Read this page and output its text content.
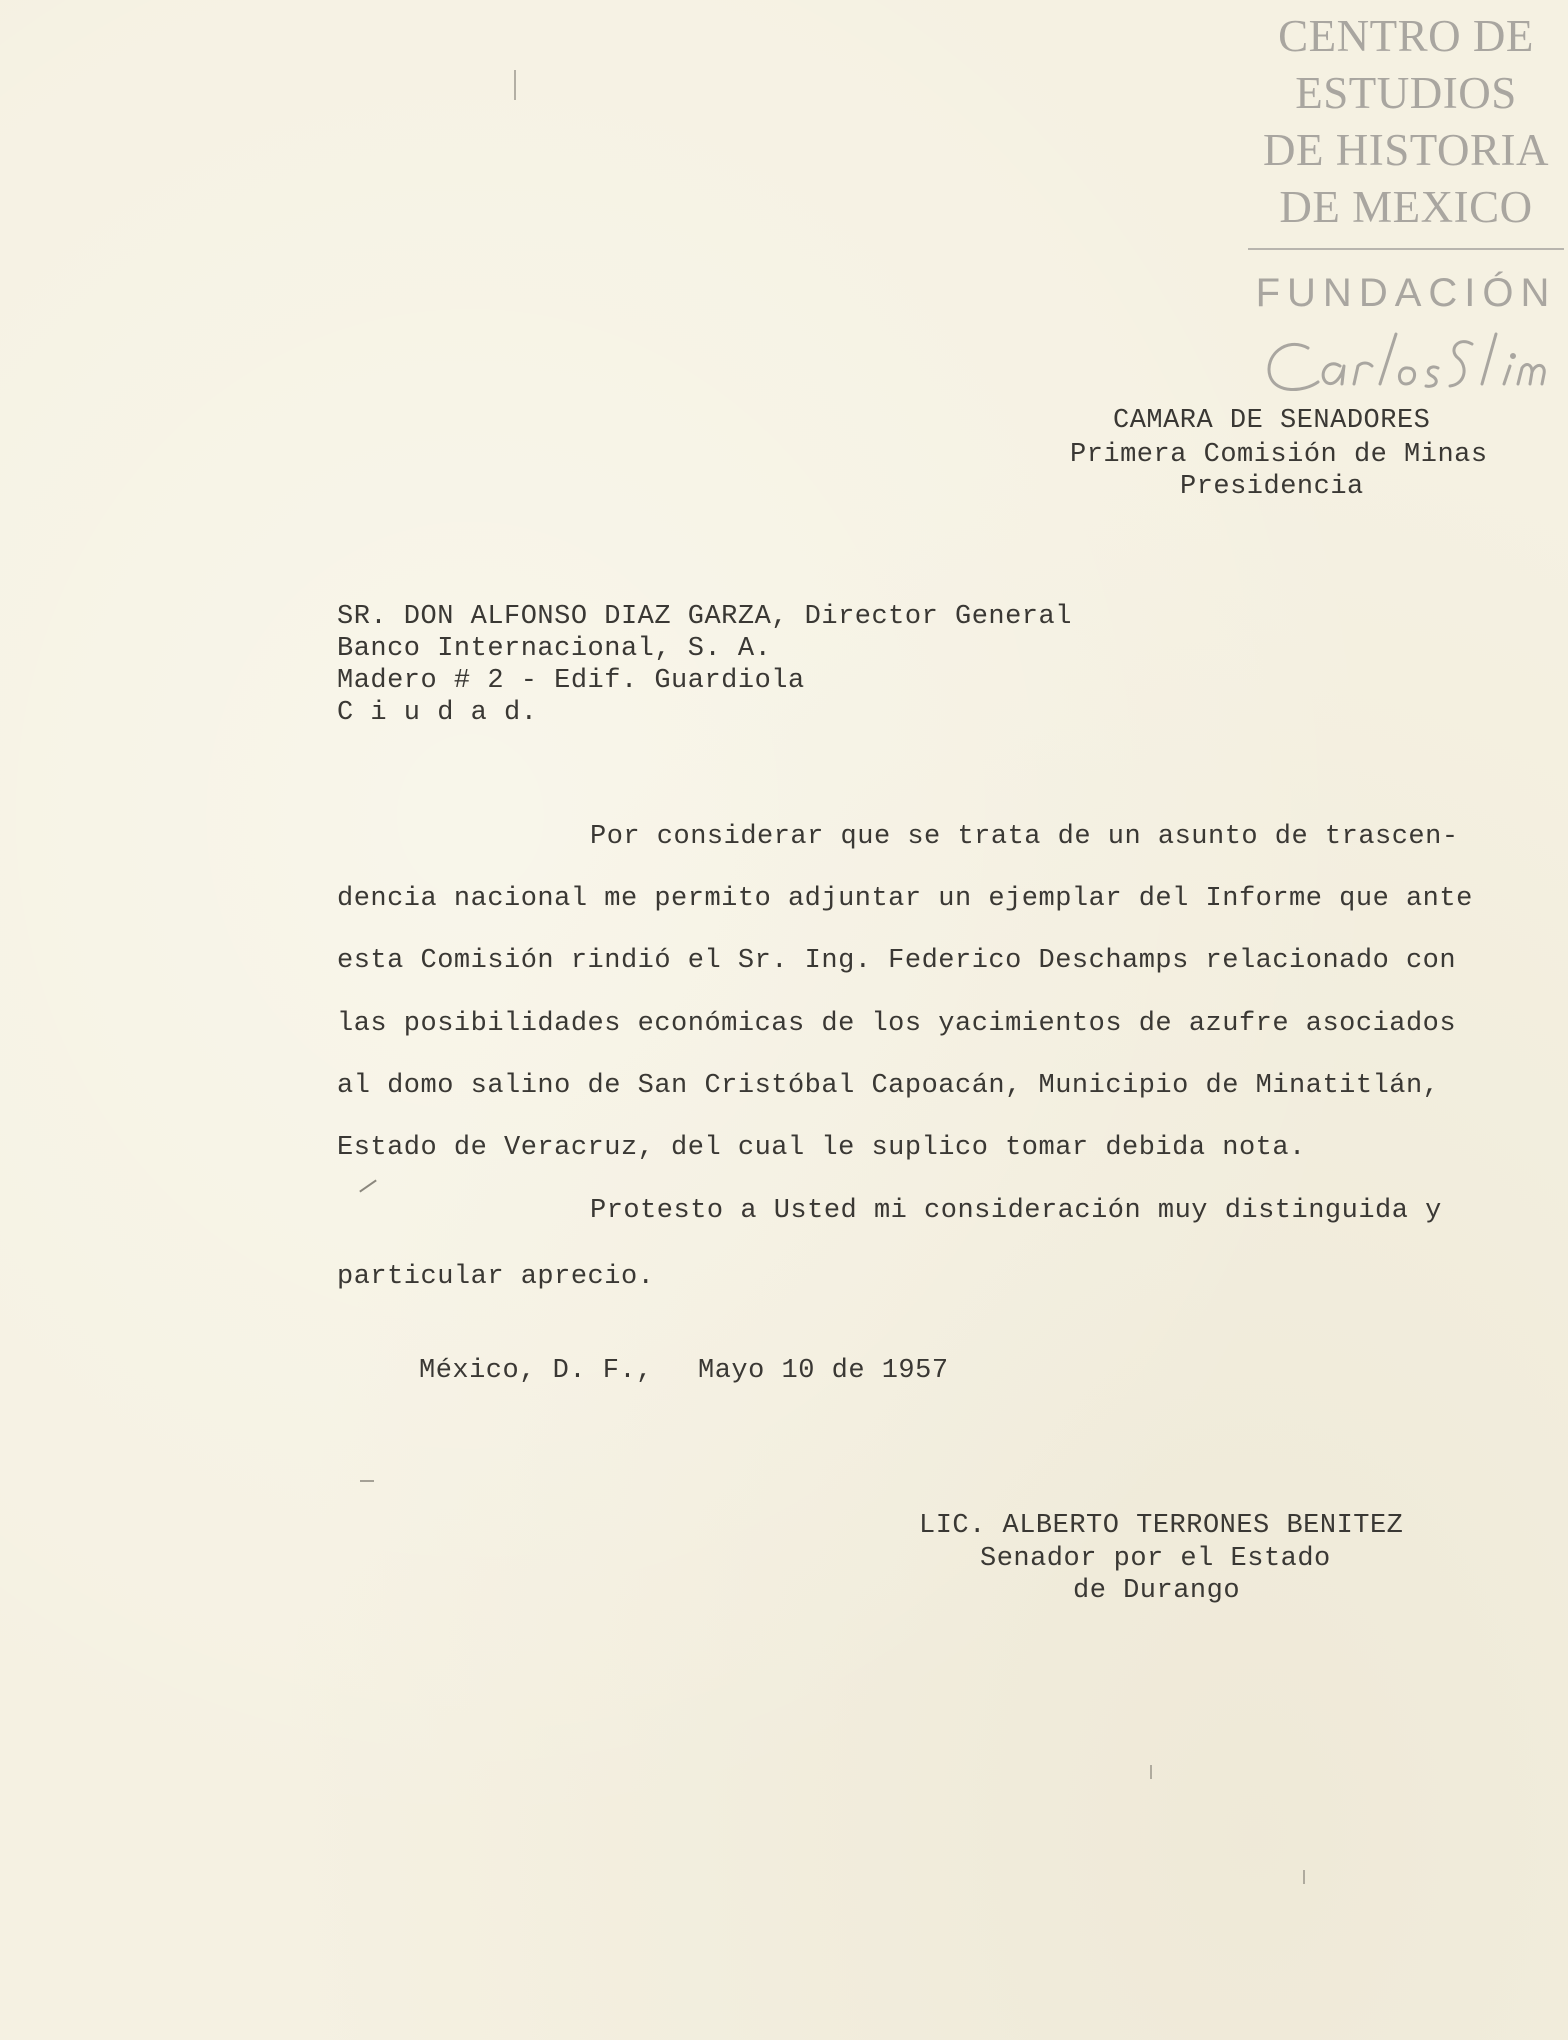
CENTRO DE
ESTUDIOS
DE HISTORIA
DE MEXICO
FUNDACIÓN
CAMARA DE SENADORES
Primera Comisión de Minas
Presidencia
SR. DON ALFONSO DIAZ GARZA, Director General
Banco Internacional, S. A.
Madero # 2 - Edif. Guardiola
C i u d a d.
Por considerar que se trata de un asunto de trascen-
dencia nacional me permito adjuntar un ejemplar del Informe que ante
esta Comisión rindió el Sr. Ing. Federico Deschamps relacionado con
las posibilidades económicas de los yacimientos de azufre asociados
al domo salino de San Cristóbal Capoacán, Municipio de Minatitlán,
Estado de Veracruz, del cual le suplico tomar debida nota.
Protesto a Usted mi consideración muy distinguida y
particular aprecio.
México, D. F., Mayo 10 de 1957
LIC. ALBERTO TERRONES BENITEZ
Senador por el Estado
de Durango
